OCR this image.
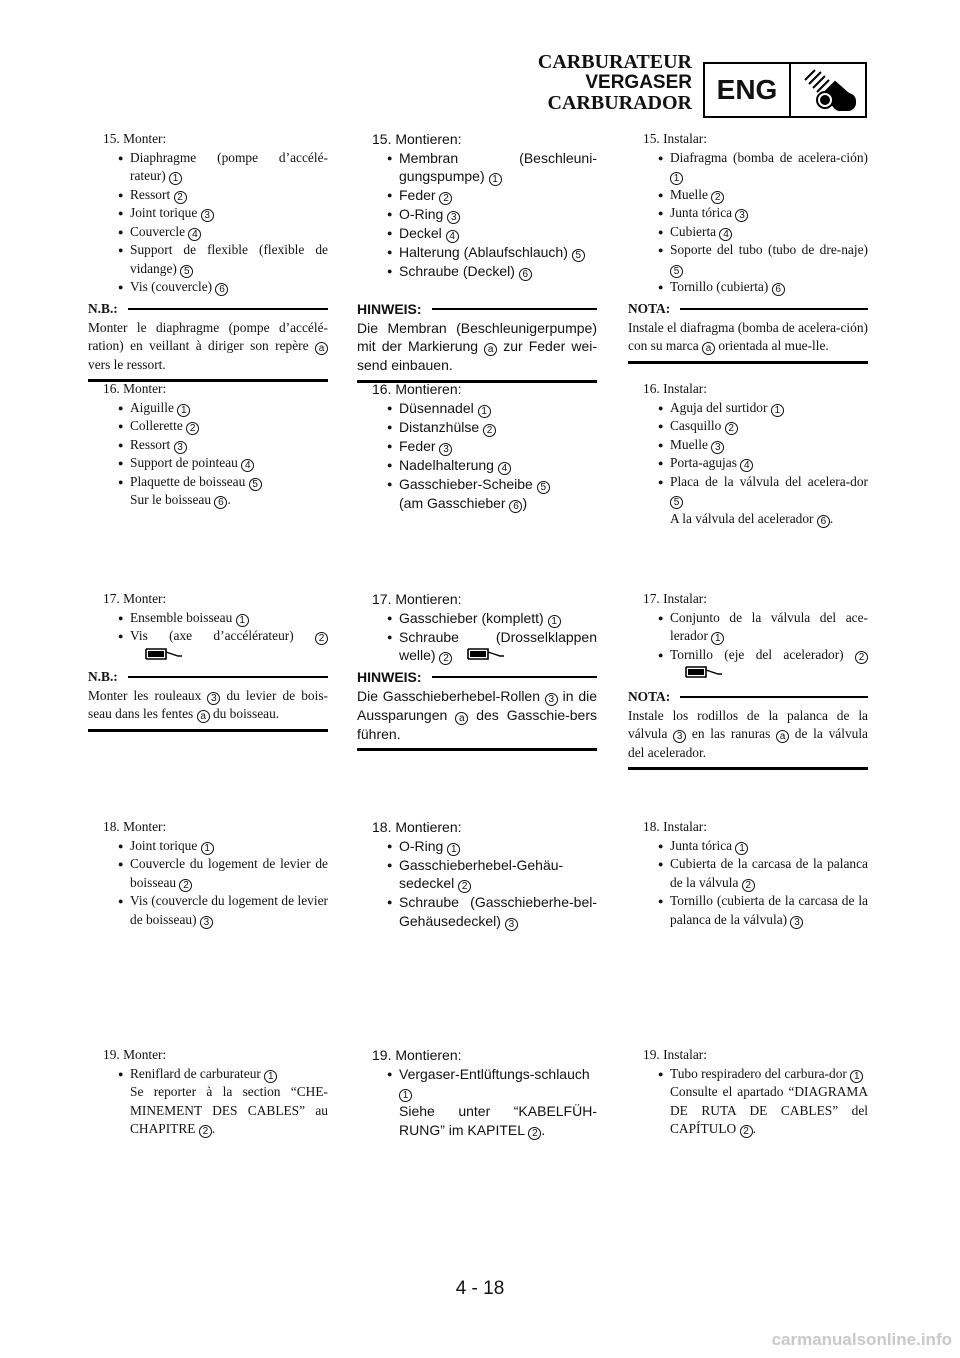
CARBURATEUR
VERGASER
CARBURADOR ENG
15. Monter:
● Diaphragme (pompe d’accélé-rateur) 1
● Ressort 2
● Joint torique 3
● Couvercle 4
● Support de flexible (flexible de vidange) 5
● Vis (couvercle) 6
N.B.:
Monter le diaphragme (pompe d’accélé-ration) en veillant à diriger son repère a vers le ressort.
16. Monter:
● Aiguille 1
● Collerette 2
● Ressort 3
● Support de pointeau 4
● Plaquette de boisseau 5
Sur le boisseau 6 .
17. Monter:
● Ensemble boisseau 1
● Vis (axe d’accélérateur)	2
N.B.:
Monter les rouleaux 3 du levier de bois-seau dans les fentes a du boisseau.
18. Monter:
● Joint torique 1
● Couvercle du logement de levier de boisseau 2
● Vis (couvercle du logement de levier de boisseau) 3
19. Monter:
● Reniflard de carburateur 1
Se reporter à la section “CHE-MINEMENT DES CABLES” au CHAPITRE 2 .
15. Montieren:
● Membran (Beschleuni-gungspumpe) 1
● Feder 2
● O-Ring 3
● Deckel 4
● Halterung (Ablaufschlauch) 5
● Schraube (Deckel) 6
HINWEIS:
Die Membran (Beschleunigerpumpe) mit der Markierung a zur Feder wei-send einbauen.
16. Montieren:
● Düsennadel 1
● Distanzhülse 2
● Feder 3
● Nadelhalterung 4
● Gasschieber-Scheibe 5
(am Gasschieber 6 )
17. Montieren:
● Gasschieber (komplett) 1
● Schraube (Drosselklappen welle) 2
HINWEIS:
Die Gasschieberhebel-Rollen 3 in die Aussparungen a des Gasschie-bers führen.
18. Montieren:
● O-Ring 1
● Gasschieberhebel-Gehäu-sedeckel 2
● Schraube (Gasschieberhe-bel-Gehäusedeckel) 3
19. Montieren:
● Vergaser-Entlüftungs-schlauch 1
Siehe unter “KABELFÜH-RUNG” im KAPITEL 2 .
15. Instalar:
● Diafragma (bomba de acelera-ción) 1
● Muelle 2
● Junta tórica 3
● Cubierta 4
● Soporte del tubo (tubo de dre-naje) 5
● Tornillo (cubierta) 6
NOTA:
Instale el diafragma (bomba de acelera-ción) con su marca a orientada al mue-lle.
16. Instalar:
● Aguja del surtidor 1
● Casquillo 2
● Muelle 3
● Porta-agujas 4
● Placa de la válvula del acelera-dor 5
A la válvula del acelerador 6 .
17. Instalar:
● Conjunto de la válvula del ace-lerador 1
● Tornillo (eje del acelerador) 2
NOTA:
Instale los rodillos de la palanca de la válvula 3 en las ranuras a de la válvula del acelerador.
18. Instalar:
● Junta tórica 1
● Cubierta de la carcasa de la palanca de la válvula 2
● Tornillo (cubierta de la carcasa de la palanca de la válvula) 3
19. Instalar:
● Tubo respiradero del carbura-dor 1
Consulte el apartado “DIAGRAMA DE RUTA DE CABLES” del CAPÍTULO 2 .
4 - 18
carmanualsonline.info
